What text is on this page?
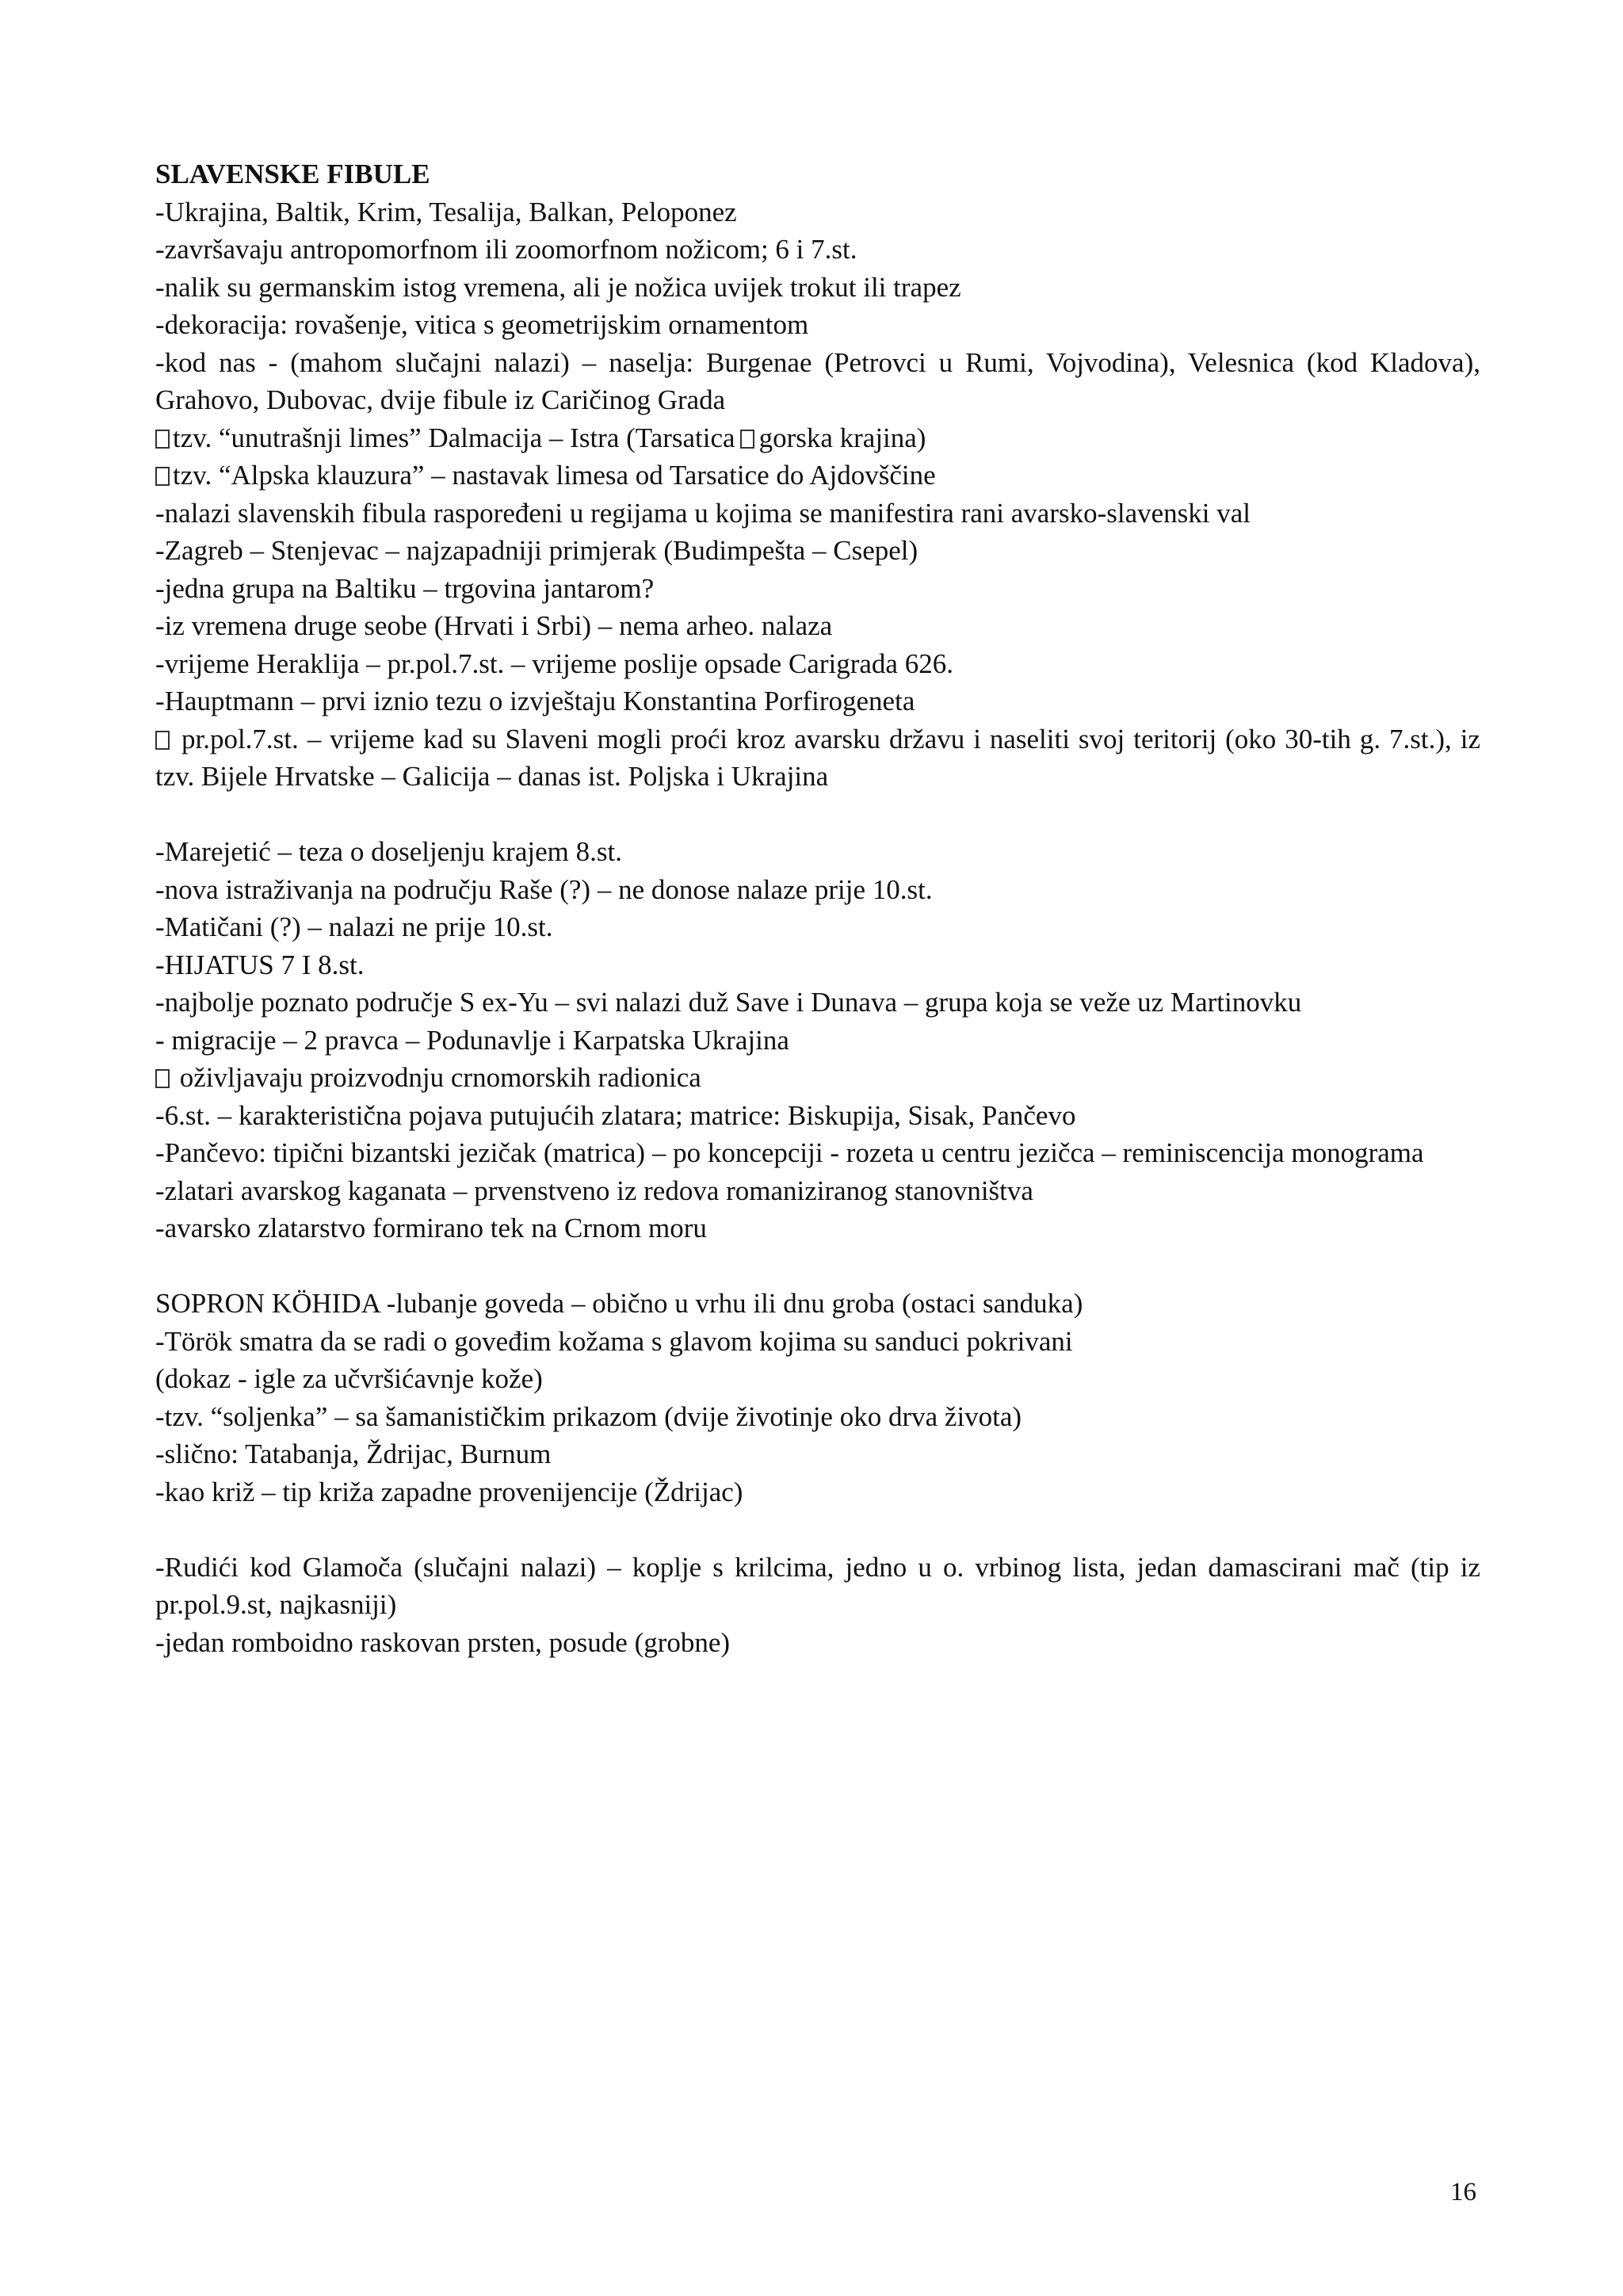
SLAVENSKE FIBULE

-Ukrajina, Baltik, Krim, Tesalija, Balkan, Peloponez

-završavaju antropomorfnom ili zoomorfnom nožicom; 6 i 7.st.

-nalik su germanskim istog vremena, ali je nožica uvijek trokut ili trapez

-dekoracija: rovašenje, vitica s geometrijskim ornamentom

-kod nas - (mahom slučajni nalazi) – naselja: Burgenae (Petrovci u Rumi, Vojvodina), Velesnica (kod Kladova), Grahovo, Dubovac, dvije fibule iz Caričinog Grada

tzv. “unutrašnji limes” Dalmacija – Istra (Tarsatica gorska krajina)

tzv. “Alpska klauzura” – nastavak limesa od Tarsatice do Ajdovščine

-nalazi slavenskih fibula raspoređeni u regijama u kojima se manifestira rani avarsko-slavenski val

-Zagreb – Stenjevac – najzapadniji primjerak (Budimpešta – Csepel)

-jedna grupa na Baltiku – trgovina jantarom?

-iz vremena druge seobe (Hrvati i Srbi) – nema arheo. nalaza

-vrijeme Heraklija – pr.pol.7.st. – vrijeme poslije opsade Carigrada 626.

-Hauptmann – prvi iznio tezu o izvještaju Konstantina Porfirogeneta

pr.pol.7.st. – vrijeme kad su Slaveni mogli proći kroz avarsku državu i naseliti svoj teritorij (oko 30-tih g. 7.st.), iz tzv. Bijele Hrvatske – Galicija – danas ist. Poljska i Ukrajina

-Marejetić – teza o doseljenju krajem 8.st.

-nova istraživanja na području Raše (?) – ne donose nalaze prije 10.st.

-Matičani (?) – nalazi ne prije 10.st.

-HIJATUS 7 I 8.st.

-najbolje poznato područje S ex-Yu – svi nalazi duž Save i Dunava – grupa koja se veže uz Martinovku

- migracije – 2 pravca – Podunavlje i Karpatska Ukrajina

oživljavaju proizvodnju crnomorskih radionica

-6.st. – karakteristična pojava putujućih zlatara; matrice: Biskupija, Sisak, Pančevo

-Pančevo: tipični bizantski jezičak (matrica) – po koncepciji - rozeta u centru jezičca – reminiscencija monograma

-zlatari avarskog kaganata – prvenstveno iz redova romaniziranog stanovništva

-avarsko zlatarstvo formirano tek na Crnom moru

SOPRON KÖHIDA -lubanje goveda – obično u vrhu ili dnu groba (ostaci sanduka)

-Török smatra da se radi o goveđim kožama s glavom kojima su sanduci pokrivani

(dokaz - igle za učvršićavnje kože)

-tzv. “soljenka” – sa šamanističkim prikazom (dvije životinje oko drva života)

-slično: Tatabanja, Ždrijac, Burnum

-kao križ – tip križa zapadne provenijencije (Ždrijac)

-Rudići kod Glamoča (slučajni nalazi) – koplje s krilcima, jedno u o. vrbinog lista, jedan damascirani mač (tip iz pr.pol.9.st, najkasniji)

-jedan romboidno raskovan prsten, posude (grobne)

16
